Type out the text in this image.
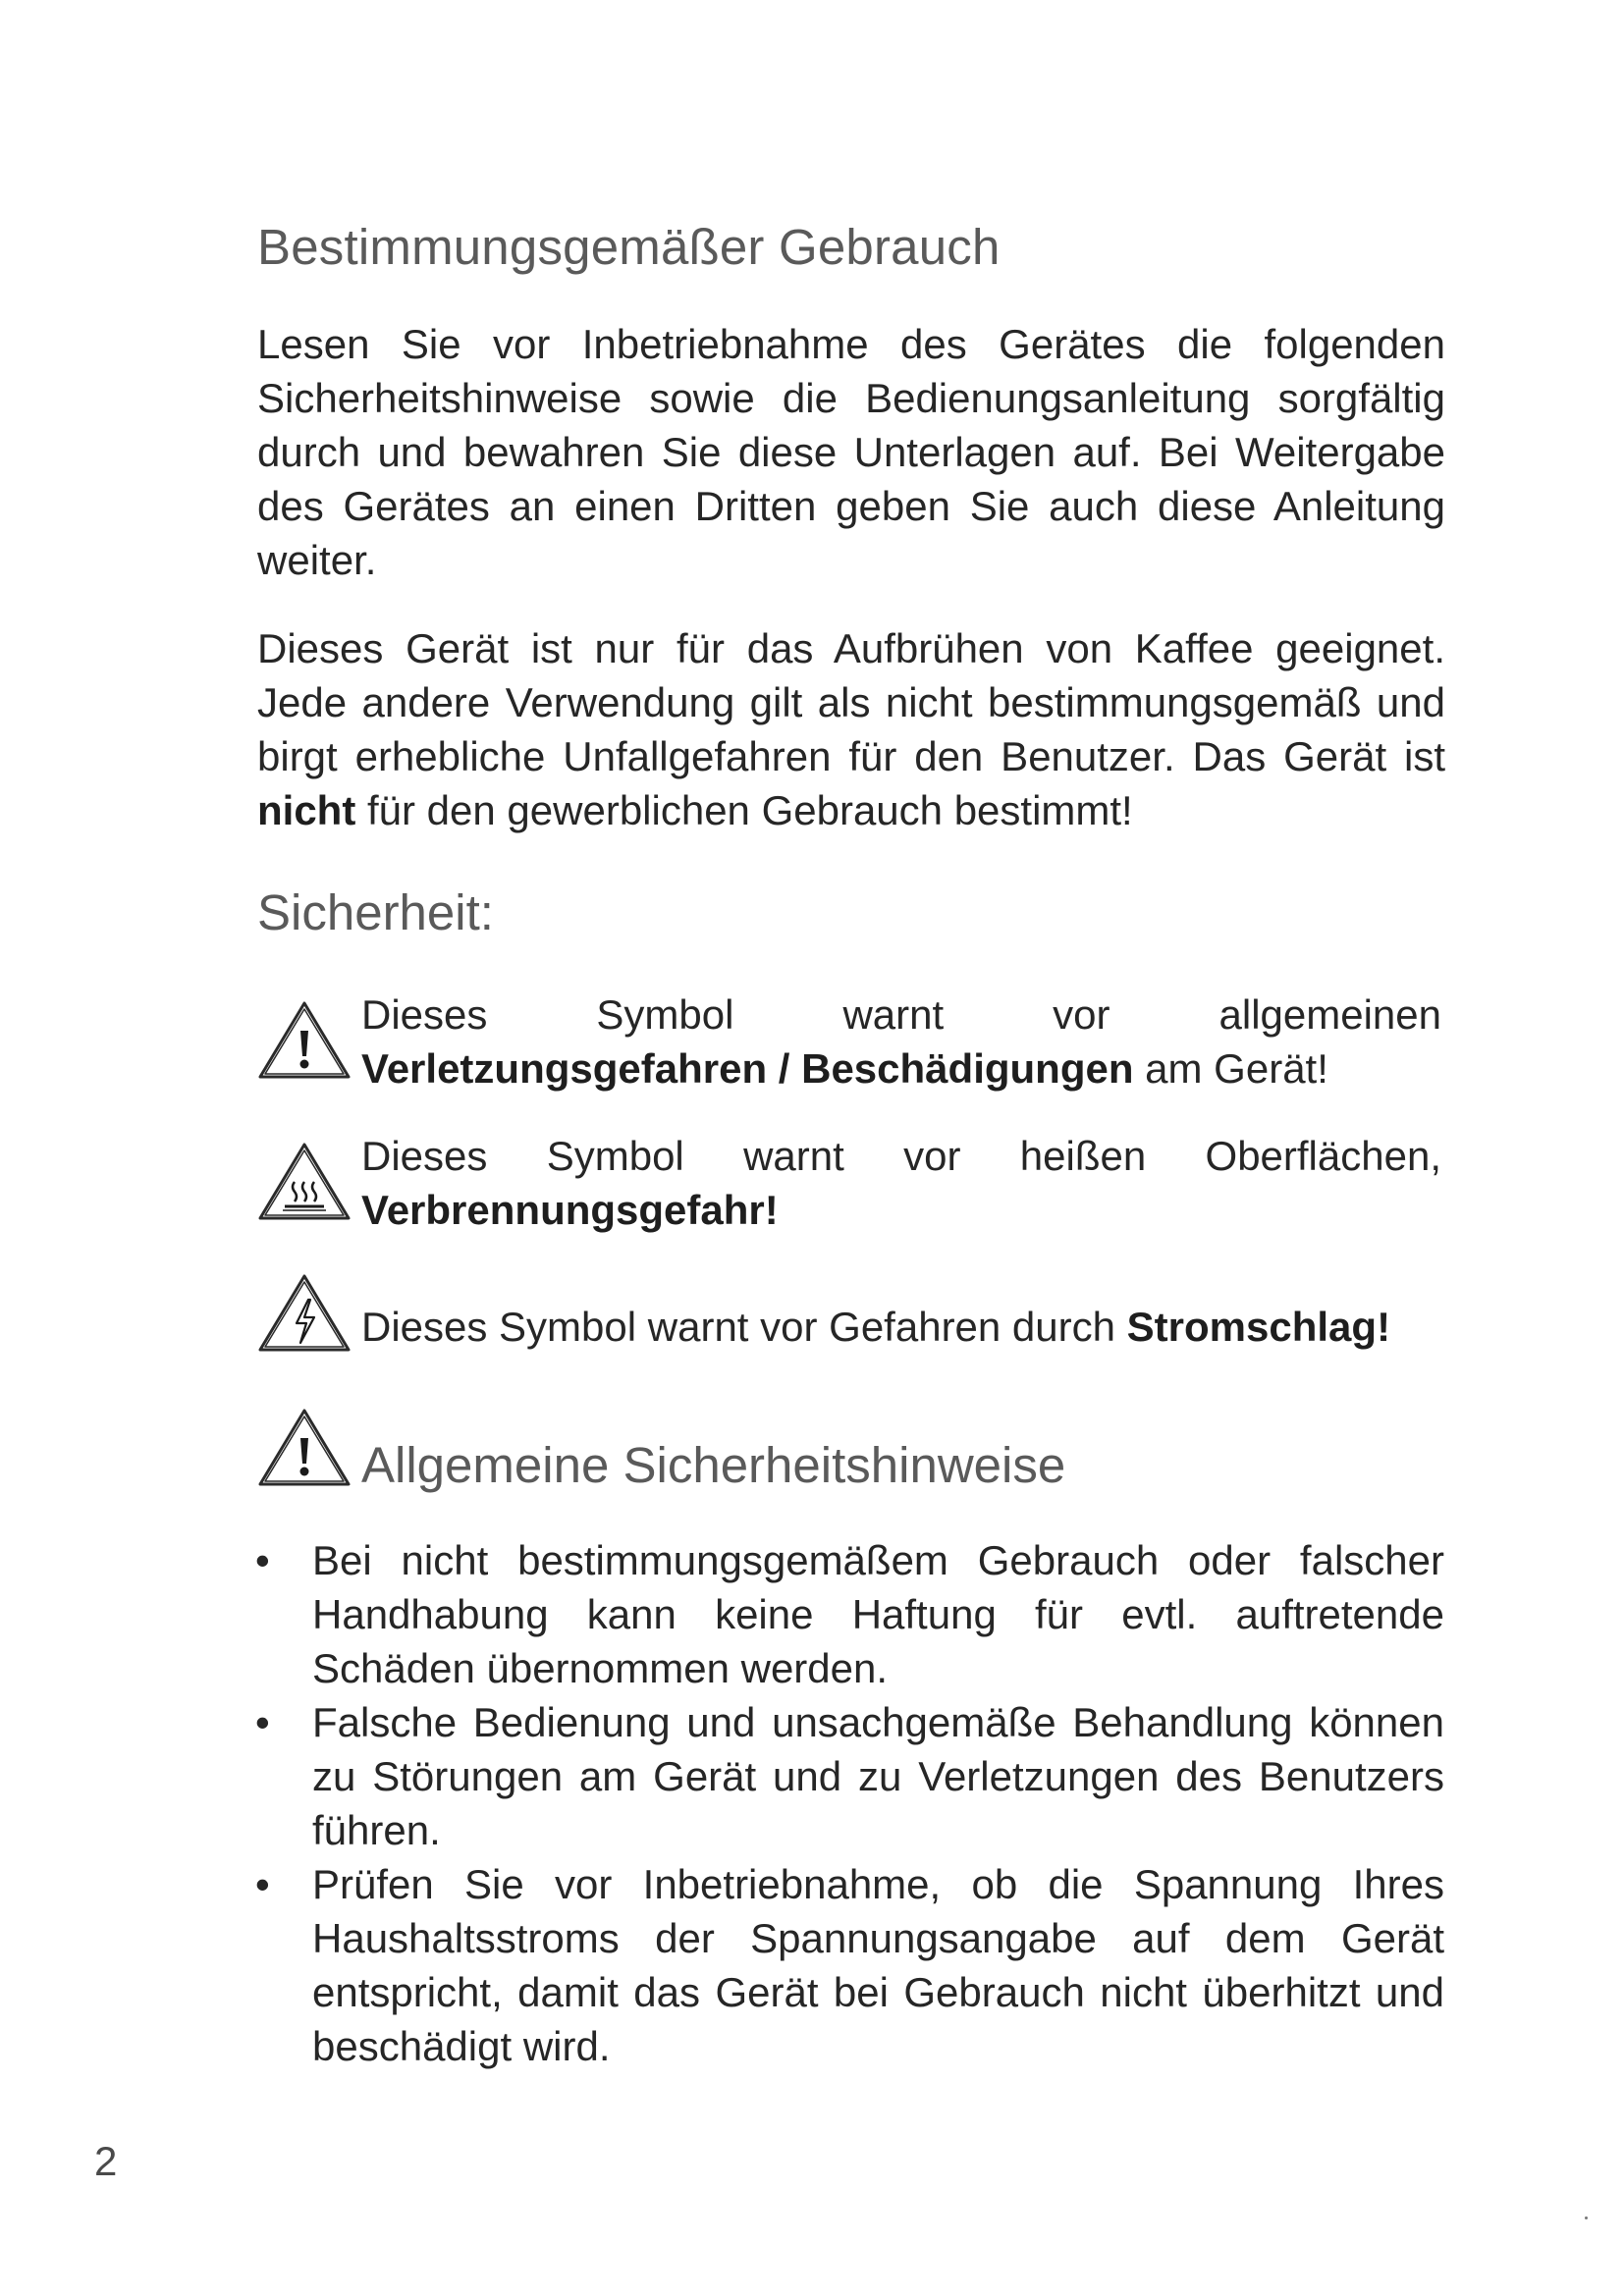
Bestimmungsgemäßer Gebrauch

Lesen Sie vor Inbetriebnahme des Gerätes die folgenden Sicherheitshinweise sowie die Bedienungsanleitung sorgfältig durch und bewahren Sie diese Unterlagen auf. Bei Weitergabe des Gerätes an einen Dritten geben Sie auch diese Anleitung weiter.

Dieses Gerät ist nur für das Aufbrühen von Kaffee geeignet. Jede andere Verwendung gilt als nicht bestimmungsgemäß und birgt erhebliche Unfallgefahren für den Benutzer. Das Gerät ist nicht für den gewerblichen Gebrauch bestimmt!

Sicherheit:

Dieses Symbol warnt vor allgemeinen Verletzungsgefahren / Beschädigungen am Gerät!

Dieses Symbol warnt vor heißen Oberflächen, Verbrennungsgefahr!

Dieses Symbol warnt vor Gefahren durch Stromschlag!

Allgemeine Sicherheitshinweise
• Bei nicht bestimmungsgemäßem Gebrauch oder falscher Handhabung kann keine Haftung für evtl. auftretende Schäden übernommen werden.
• Falsche Bedienung und unsachgemäße Behandlung können zu Störungen am Gerät und zu Verletzungen des Benutzers führen.
• Prüfen Sie vor Inbetriebnahme, ob die Spannung Ihres Haushaltsstroms der Spannungsangabe auf dem Gerät entspricht, damit das Gerät bei Gebrauch nicht überhitzt und beschädigt wird.
2
